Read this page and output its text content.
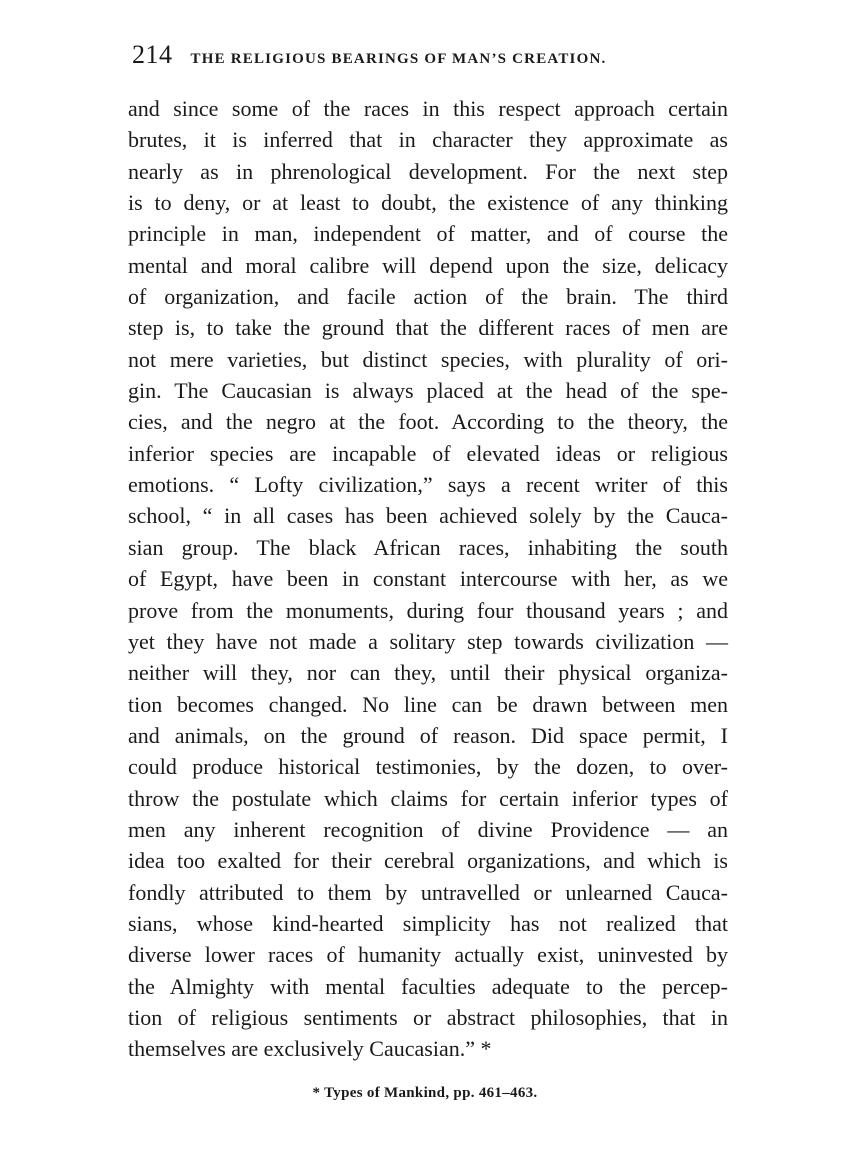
214 THE RELIGIOUS BEARINGS OF MAN’S CREATION.
and since some of the races in this respect approach certain
brutes, it is inferred that in character they approximate as
nearly as in phrenological development. For the next step
is to deny, or at least to doubt, the existence of any thinking
principle in man, independent of matter, and of course the
mental and moral calibre will depend upon the size, delicacy
of organization, and facile action of the brain. The third
step is, to take the ground that the different races of men are
not mere varieties, but distinct species, with plurality of ori-
gin. The Caucasian is always placed at the head of the spe-
cies, and the negro at the foot. According to the theory, the
inferior species are incapable of elevated ideas or religious
emotions. “ Lofty civilization,” says a recent writer of this
school, “ in all cases has been achieved solely by the Cauca-
sian group. The black African races, inhabiting the south
of Egypt, have been in constant intercourse with her, as we
prove from the monuments, during four thousand years ; and
yet they have not made a solitary step towards civilization —
neither will they, nor can they, until their physical organiza-
tion becomes changed. No line can be drawn between men
and animals, on the ground of reason. Did space permit, I
could produce historical testimonies, by the dozen, to over-
throw the postulate which claims for certain inferior types of
men any inherent recognition of divine Providence — an
idea too exalted for their cerebral organizations, and which is
fondly attributed to them by untravelled or unlearned Cauca-
sians, whose kind-hearted simplicity has not realized that
diverse lower races of humanity actually exist, uninvested by
the Almighty with mental faculties adequate to the percep-
tion of religious sentiments or abstract philosophies, that in
themselves are exclusively Caucasian.” *
* Types of Mankind, pp. 461–463.
